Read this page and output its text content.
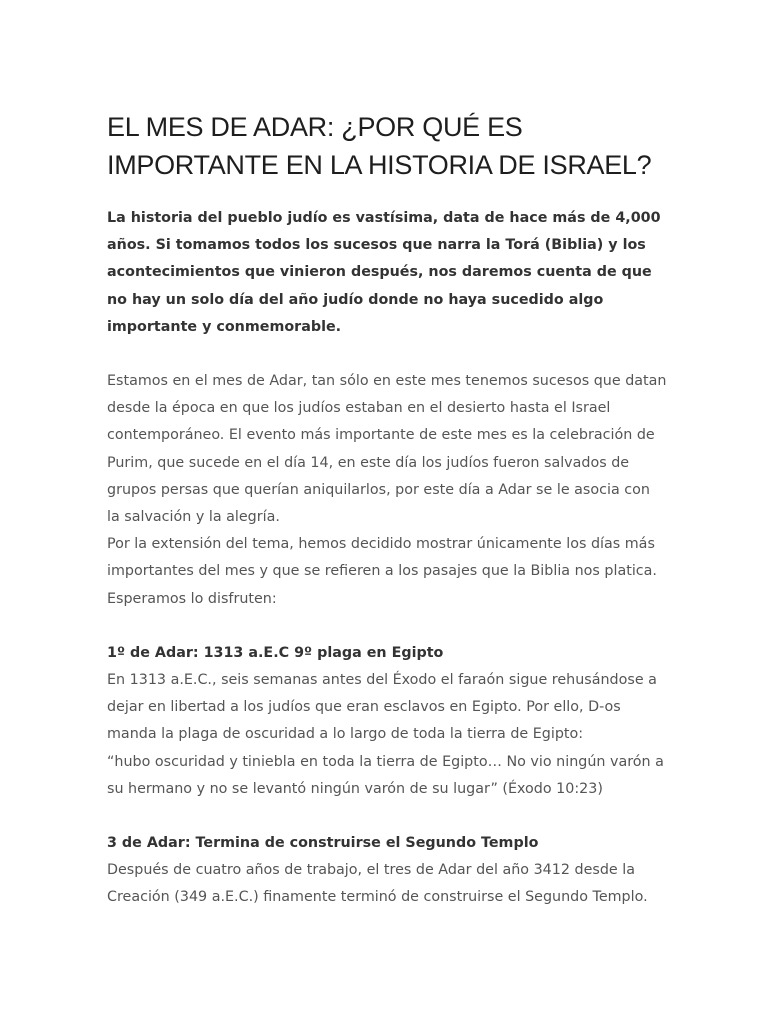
EL MES DE ADAR: ¿POR QUÉ ES
IMPORTANTE EN LA HISTORIA DE ISRAEL?

La historia del pueblo judío es vastísima, data de hace más de 4,000 años. Si tomamos todos los sucesos que narra la Torá (Biblia) y los acontecimientos que vinieron después, nos daremos cuenta de que no hay un solo día del año judío donde no haya sucedido algo importante y conmemorable.

Estamos en el mes de Adar, tan sólo en este mes tenemos sucesos que datan desde la época en que los judíos estaban en el desierto hasta el Israel contemporáneo. El evento más importante de este mes es la celebración de Purim, que sucede en el día 14, en este día los judíos fueron salvados de grupos persas que querían aniquilarlos, por este día a Adar se le asocia con la salvación y la alegría.

Por la extensión del tema, hemos decidido mostrar únicamente los días más importantes del mes y que se refieren a los pasajes que la Biblia nos platica. Esperamos lo disfruten:

1º de Adar: 1313 a.E.C 9º plaga en Egipto

En 1313 a.E.C., seis semanas antes del Éxodo el faraón sigue rehusándose a dejar en libertad a los judíos que eran esclavos en Egipto. Por ello, D-os manda la plaga de oscuridad a lo largo de toda la tierra de Egipto:

“hubo oscuridad y tiniebla en toda la tierra de Egipto… No vio ningún varón a su hermano y no se levantó ningún varón de su lugar” (Éxodo 10:23)

3 de Adar: Termina de construirse el Segundo Templo

Después de cuatro años de trabajo, el tres de Adar del año 3412 desde la Creación (349 a.E.C.) finamente terminó de construirse el Segundo Templo.
